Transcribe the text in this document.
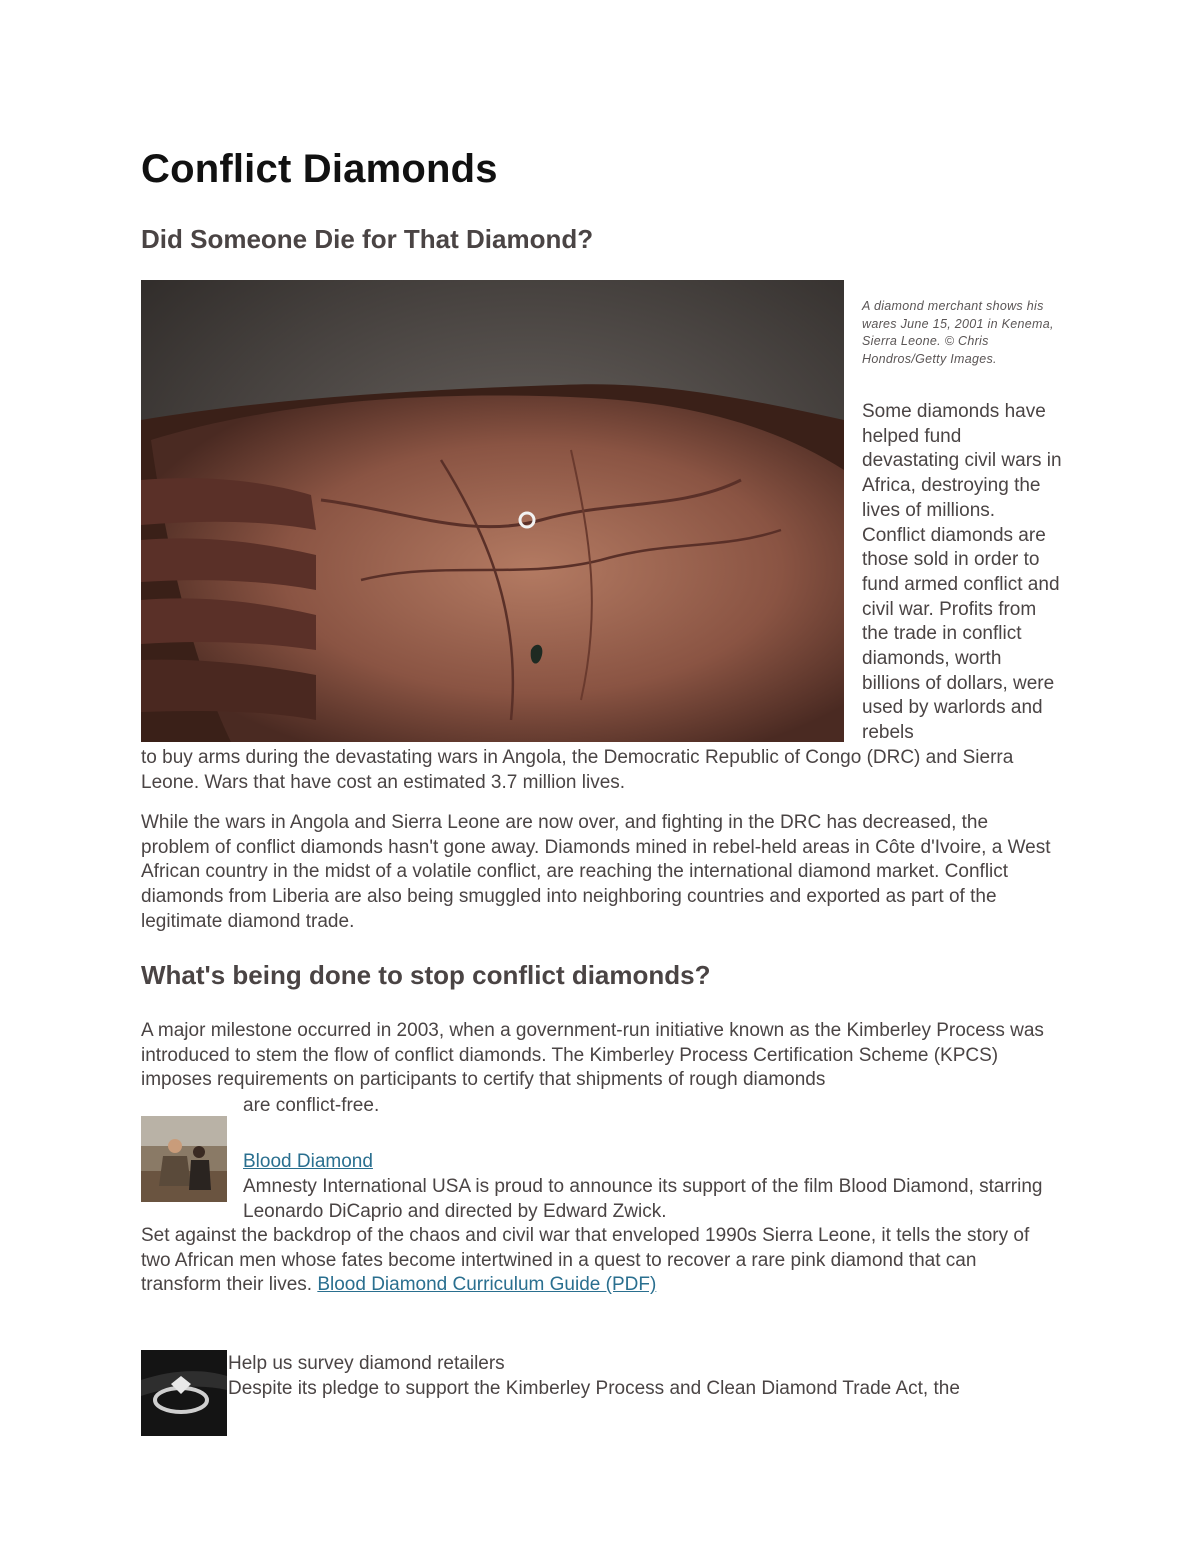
Conflict Diamonds
Did Someone Die for That Diamond?
A diamond merchant shows his wares June 15, 2001 in Kenema, Sierra Leone. © Chris Hondros/Getty Images.
Some diamonds have helped fund devastating civil wars in Africa, destroying the lives of millions. Conflict diamonds are those sold in order to fund armed conflict and civil war. Profits from the trade in conflict diamonds, worth billions of dollars, were used by warlords and rebels
to buy arms during the devastating wars in Angola, the Democratic Republic of Congo (DRC) and Sierra Leone. Wars that have cost an estimated 3.7 million lives.

While the wars in Angola and Sierra Leone are now over, and fighting in the DRC has decreased, the problem of conflict diamonds hasn't gone away. Diamonds mined in rebel-held areas in Côte d'Ivoire, a West African country in the midst of a volatile conflict, are reaching the international diamond market. Conflict diamonds from Liberia are also being smuggled into neighboring countries and exported as part of the legitimate diamond trade.

What's being done to stop conflict diamonds?

A major milestone occurred in 2003, when a government-run initiative known as the Kimberley Process was introduced to stem the flow of conflict diamonds. The Kimberley Process Certification Scheme (KPCS) imposes requirements on participants to certify that shipments of rough diamonds

are conflict-free.
Blood Diamond
Amnesty International USA is proud to announce its support of the film Blood Diamond, starring Leonardo DiCaprio and directed by Edward Zwick.
Set against the backdrop of the chaos and civil war that enveloped 1990s Sierra Leone, it tells the story of two African men whose fates become intertwined in a quest to recover a rare pink diamond that can transform their lives. Blood Diamond Curriculum Guide (PDF)
Help us survey diamond retailers
Despite its pledge to support the Kimberley Process and Clean Diamond Trade Act, the
